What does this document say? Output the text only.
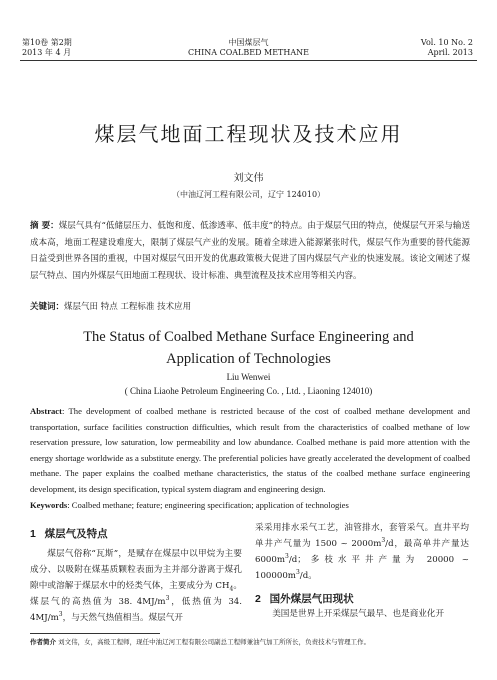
第10卷 第2期
2013 年 4 月
中国煤层气
CHINA COALBED METHANE
Vol. 10 No. 2
April. 2013
煤层气地面工程现状及技术应用
刘文伟
（中油辽河工程有限公司，辽宁 124010）
摘 要：煤层气具有“低储层压力、低饱和度、低渗透率、低丰度”的特点。由于煤层气田的特点，使煤层气开采与输送成本高，地面工程建设难度大，限制了煤层气产业的发展。随着全球进入能源紧张时代，煤层气作为重要的替代能源日益受到世界各国的重视，中国对煤层气田开发的优惠政策极大促进了国内煤层气产业的快速发展。该论文阐述了煤层气特点、国内外煤层气田地面工程现状、设计标准、典型流程及技术应用等相关内容。
关键词：煤层气田 特点 工程标准 技术应用
The Status of Coalbed Methane Surface Engineering and
Application of Technologies
Liu Wenwei
( China Liaohe Petroleum Engineering Co. , Ltd. , Liaoning 124010)
Abstract: The development of coalbed methane is restricted because of the cost of coalbed methane development and transportation, surface facilities construction difficulties, which result from the characteristics of coalbed methane of low reservation pressure, low saturation, low permeability and low abundance. Coalbed methane is paid more attention with the energy shortage worldwide as a substitute energy. The preferential policies have greatly accelerated the development of coalbed methane. The paper explains the coalbed methane characteristics, the status of the coalbed methane surface engineering development, its design specification, typical system diagram and engineering design.
Keywords: Coalbed methane; feature; engineering specification; application of technologies
1 煤层气及特点
煤层气俗称“瓦斯”，是赋存在煤层中以甲烷为主要成分、以吸附在煤基质颗粒表面为主并部分游离于煤孔隙中或溶解于煤层水中的烃类气体，主要成分为 $CH_4$。煤层气的高热值为 38. $4MJ/m^3$，低热值为 34. $4MJ/m^3$，与天然气热值相当。煤层气开
采采用排水采气工艺，油管排水，套管采气。直井平均单井产气量为 1500 ~ $2000m^3/d$，最高单井产量达 $6000m^3/d$；多枝水平井产量为 20000 ~ $100000m^3/d$。
2 国外煤层气田现状
美国是世界上开采煤层气最早、也是商业化开
作者简介 刘文伟，女，高级工程师，现任中油辽河工程有限公司副总工程师兼油气加工所所长，负责技术与管理工作。
